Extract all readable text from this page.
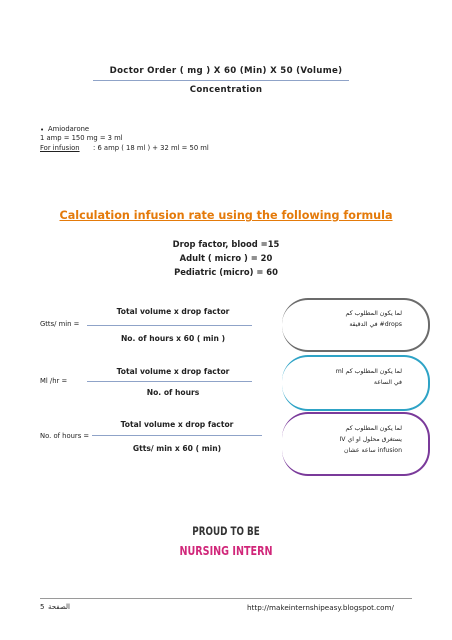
Doctor Order ( mg ) X 60 (Min) X 50 (Volume)
Concentration
• Amiodarone
1 amp = 150 mg = 3 ml
For infusion : 6 amp ( 18 ml ) + 32 ml = 50 ml
Calculation infusion rate using the following formula
Drop factor, blood =15
Adult ( micro ) = 20
Pediatric (micro) = 60
Gtts/ min =
Total volume x drop factor
No. of hours x 60 ( min )
لما يكون المطلوب كم
drops# في الدقيقة
Ml /hr =
Total volume x drop factor
No. of hours
لما يكون المطلوب كم ml
في الساعة
No. of hours =
Total volume x drop factor
Gtts/ min x 60 ( min)
لما يكون المطلوب كم
يستغرق محلول او اي IV
infusion ساعة عشان
PROUD TO BE
NURSING INTERN
5 الصفحة	http://makeinternshipeasy.blogspot.com/
